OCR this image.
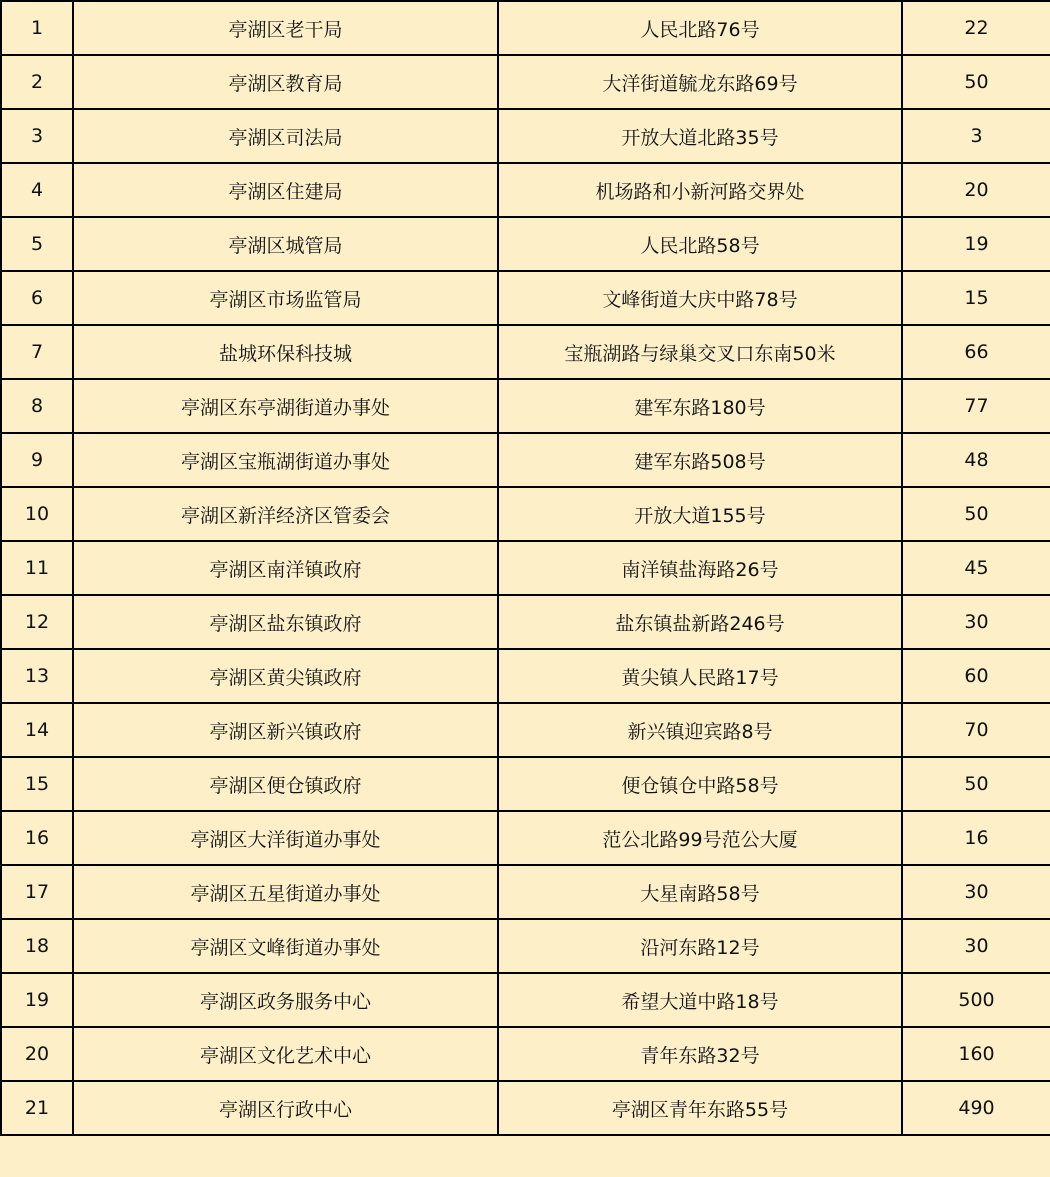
1	亭湖区老干局	人民北路76号	22
2	亭湖区教育局	大洋街道毓龙东路69号	50
3	亭湖区司法局	开放大道北路35号	3
4	亭湖区住建局	机场路和小新河路交界处	20
5	亭湖区城管局	人民北路58号	19
6	亭湖区市场监管局	文峰街道大庆中路78号	15
7	盐城环保科技城	宝瓶湖路与绿巢交叉口东南50米	66
8	亭湖区东亭湖街道办事处	建军东路180号	77
9	亭湖区宝瓶湖街道办事处	建军东路508号	48
10	亭湖区新洋经济区管委会	开放大道155号	50
11	亭湖区南洋镇政府	南洋镇盐海路26号	45
12	亭湖区盐东镇政府	盐东镇盐新路246号	30
13	亭湖区黄尖镇政府	黄尖镇人民路17号	60
14	亭湖区新兴镇政府	新兴镇迎宾路8号	70
15	亭湖区便仓镇政府	便仓镇仓中路58号	50
16	亭湖区大洋街道办事处	范公北路99号范公大厦	16
17	亭湖区五星街道办事处	大星南路58号	30
18	亭湖区文峰街道办事处	沿河东路12号	30
19	亭湖区政务服务中心	希望大道中路18号	500
20	亭湖区文化艺术中心	青年东路32号	160
21	亭湖区行政中心	亭湖区青年东路55号	490
